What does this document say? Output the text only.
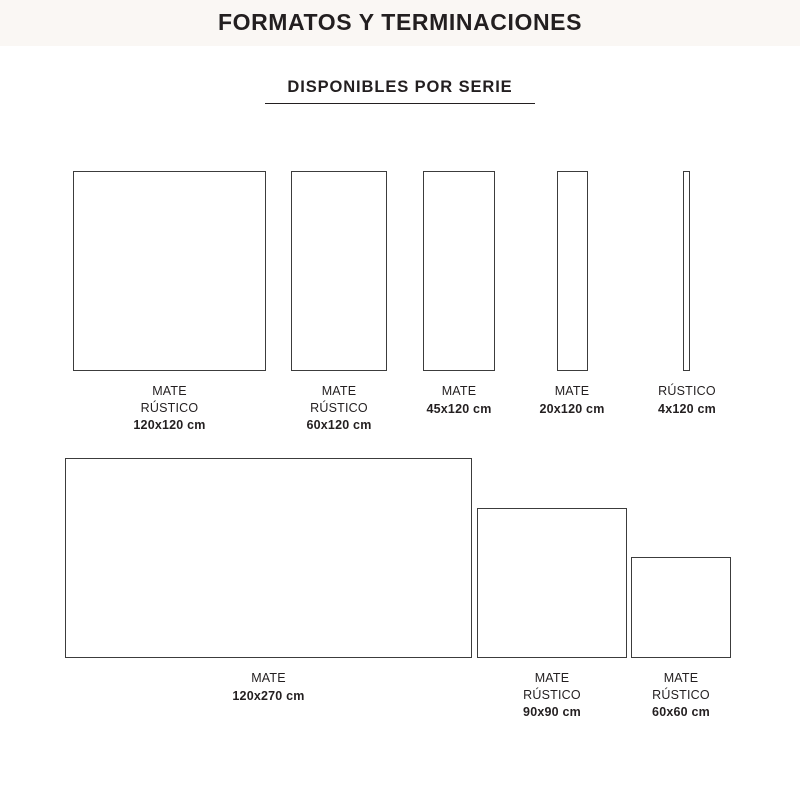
FORMATOS Y TERMINACIONES
DISPONIBLES POR SERIE
MATE
RÚSTICO
120x120 cm
MATE
RÚSTICO
60x120 cm
MATE
45x120 cm
MATE
20x120 cm
RÚSTICO
4x120 cm
MATE
120x270 cm
MATE
RÚSTICO
90x90 cm
MATE
RÚSTICO
60x60 cm
